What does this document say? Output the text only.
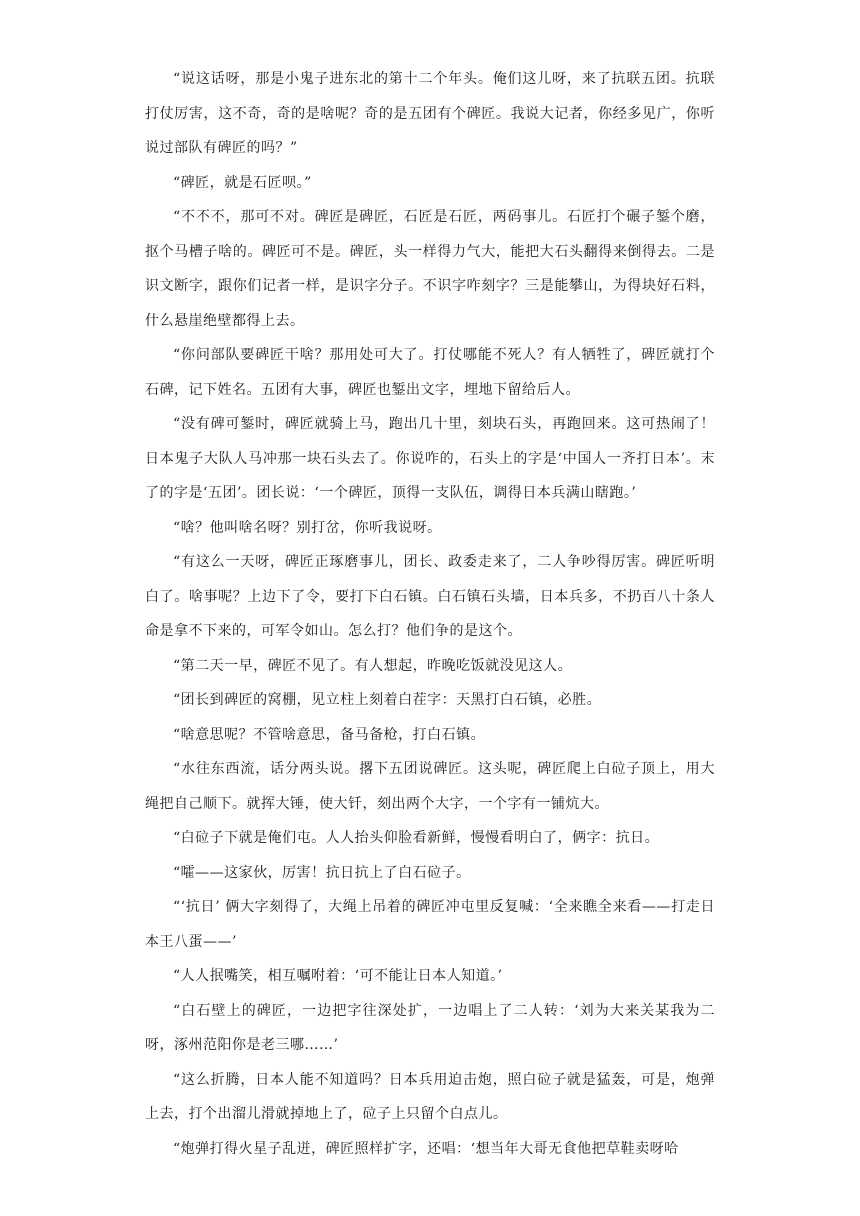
“说这话呀，那是小鬼子进东北的第十二个年头。俺们这儿呀，来了抗联五团。抗联打仗厉害，这不奇，奇的是啥呢？奇的是五团有个碑匠。我说大记者，你经多见广，你听说过部队有碑匠的吗？”

“碑匠，就是石匠呗。”

“不不不，那可不对。碑匠是碑匠，石匠是石匠，两码事儿。石匠打个碾子錾个磨，抠个马槽子啥的。碑匠可不是。碑匠，头一样得力气大，能把大石头翻得来倒得去。二是识文断字，跟你们记者一样，是识字分子。不识字咋刻字？三是能攀山，为得块好石料，什么悬崖绝壁都得上去。

“你问部队要碑匠干啥？那用处可大了。打仗哪能不死人？有人牺牲了，碑匠就打个石碑，记下姓名。五团有大事，碑匠也錾出文字，埋地下留给后人。

“没有碑可錾时，碑匠就骑上马，跑出几十里，刻块石头，再跑回来。这可热闹了！日本鬼子大队人马冲那一块石头去了。你说咋的，石头上的字是‘中国人一齐打日本’。末了的字是‘五团’。团长说：‘一个碑匠，顶得一支队伍，调得日本兵满山瞎跑。’

“啥？他叫啥名呀？别打岔，你听我说呀。

“有这么一天呀，碑匠正琢磨事儿，团长、政委走来了，二人争吵得厉害。碑匠听明白了。啥事呢？上边下了令，要打下白石镇。白石镇石头墙，日本兵多，不扔百八十条人命是拿不下来的，可军令如山。怎么打？他们争的是这个。

“第二天一早，碑匠不见了。有人想起，昨晚吃饭就没见这人。

“团长到碑匠的窝棚，见立柱上刻着白茬字：天黑打白石镇，必胜。

“啥意思呢？不管啥意思，备马备枪，打白石镇。

“水往东西流，话分两头说。撂下五团说碑匠。这头呢，碑匠爬上白砬子顶上，用大绳把自己顺下。就挥大锤，使大钎，刻出两个大字，一个字有一铺炕大。

“白砬子下就是俺们屯。人人抬头仰脸看新鲜，慢慢看明白了，俩字：抗日。

“嚯——这家伙，厉害！抗日抗上了白石砬子。

“‘抗日’ 俩大字刻得了，大绳上吊着的碑匠冲屯里反复喊：‘全来瞧全来看——打走日本王八蛋——’

“人人抿嘴笑，相互嘱咐着：‘可不能让日本人知道。’

“白石壁上的碑匠，一边把字往深处扩，一边唱上了二人转：‘刘为大来关某我为二呀，涿州范阳你是老三哪……’

“这么折腾，日本人能不知道吗？日本兵用迫击炮，照白砬子就是猛轰，可是，炮弹上去，打个出溜儿滑就掉地上了，砬子上只留个白点儿。

“炮弹打得火星子乱迸，碑匠照样扩字，还唱：‘想当年大哥无食他把草鞋卖呀哈
